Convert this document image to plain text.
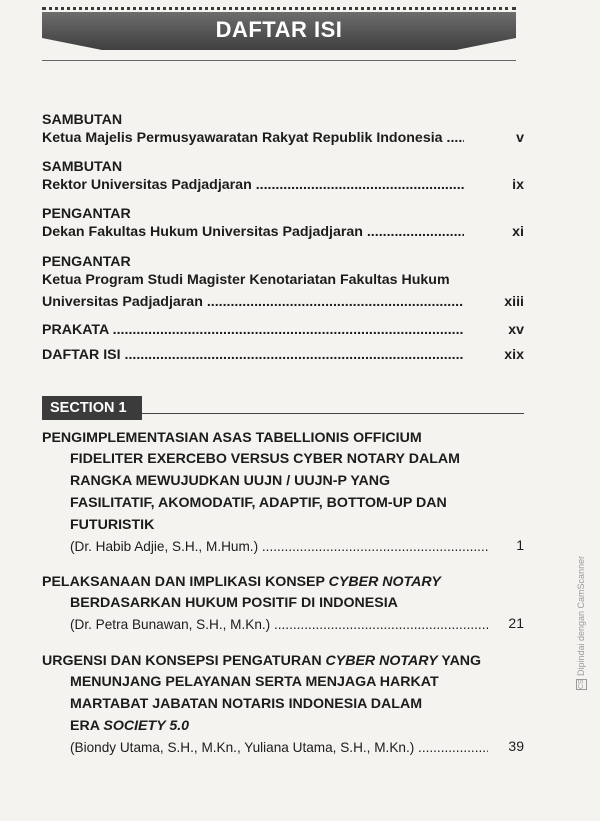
DAFTAR ISI
SAMBUTAN
Ketua Majelis Permusyawaratan Rakyat Republik Indonesia .....	v
SAMBUTAN
Rektor Universitas Padjadjaran .....	ix
PENGANTAR
Dekan Fakultas Hukum Universitas Padjadjaran .....	xi
PENGANTAR
Ketua Program Studi Magister Kenotariatan Fakultas Hukum
Universitas Padjadjaran .....	xiii
PRAKATA .....	xv
DAFTAR ISI .....	xix
SECTION 1
PENGIMPLEMENTASIAN ASAS TABELLIONIS OFFICIUM
FIDELITER EXERCEBO VERSUS CYBER NOTARY DALAM
RANGKA MEWUJUDKAN UUJN / UUJN-P YANG
FASILITATIF, AKOMODATIF, ADAPTIF, BOTTOM-UP DAN
FUTURISTIK
(Dr. Habib Adjie, S.H., M.Hum.) .....	1
PELAKSANAAN DAN IMPLIKASI KONSEP CYBER NOTARY
BERDASARKAN HUKUM POSITIF DI INDONESIA
(Dr. Petra Bunawan, S.H., M.Kn.) .....	21
URGENSI DAN KONSEPSI PENGATURAN CYBER NOTARY YANG
MENUNJANG PELAYANAN SERTA MENJAGA HARKAT
MARTABAT JABATAN NOTARIS INDONESIA DALAM
ERA SOCIETY 5.0
(Biondy Utama, S.H., M.Kn., Yuliana Utama, S.H., M.Kn.) .....	39
CSDipindai dengan CamScanner
